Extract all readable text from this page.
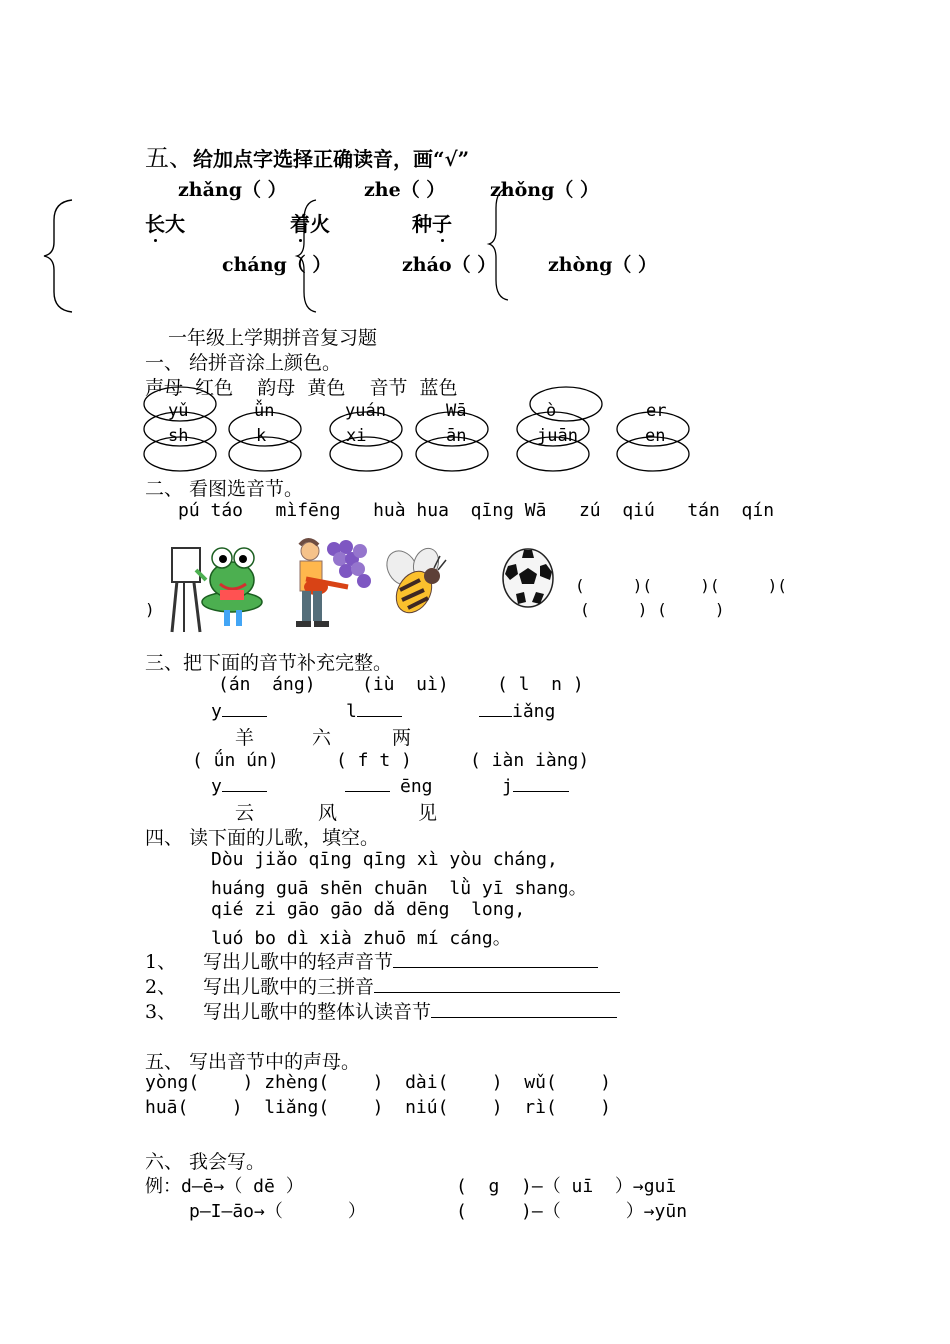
五、给加点字选择正确读音，画“√”
zhǎng（ ）	zhe（ ） zhǒng（ ）
长大	着火	种子
cháng（ ）	zháo（ ）	zhòng（ ）
一年级上学期拼音复习题
一、 给拼音涂上颜色。
声母  红色    韵母  黄色    音节  蓝色
yǔ	ǚn	yuán	Wā	ò	er
sh	k	xi	ān	juān	en
二、 看图选音节。
pú táo   mìfēng   huà hua  qīng Wā   zú  qiú   tán  qín
(     )(     )(     )(
(     ) (     )
)
三、把下面的音节补充完整。
(án  áng)	(iù  uì)	( l  n )
y	l	iǎng
羊	六	两
( ǘn ún)	( f t )	( iàn iàng)
y	ēng	j
云	风	见
四、 读下面的儿歌，填空。
Dòu jiǎo qīng qīng xì yòu cháng,
huáng guā shēn chuān  lǜ yī shang。
qié zi gāo gāo dǎ dēng  long,
luó bo dì xià zhuō mí cáng。
1、 写出儿歌中的轻声音节
2、 写出儿歌中的三拼音
3、 写出儿歌中的整体认读音节
五、 写出音节中的声母。
yòng(    ) zhèng(    )  dài(    )  wǔ(    )
huā(    )  liǎng(    )  niú(    )  rì(    )
六、 我会写。
例：d—ē→（ dē ）	(  g  )—（ uī  ）→guī
p—I—āo→（      ）	(     )—（      ）→yūn
